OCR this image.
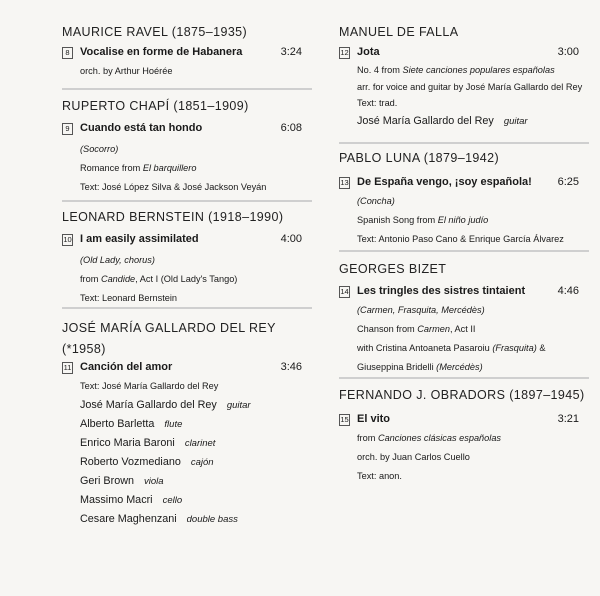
MAURICE RAVEL (1875–1935)
8 Vocalise en forme de Habanera	3:24
orch. by Arthur Hoérée
RUPERTO CHAPÍ (1851–1909)
9 Cuando está tan hondo	6:08
(Socorro)
Romance from El barquillero
Text: José López Silva & José Jackson Veyán
LEONARD BERNSTEIN (1918–1990)
10 I am easily assimilated	4:00
(Old Lady, chorus)
from Candide, Act I (Old Lady's Tango)
Text: Leonard Bernstein
JOSÉ MARÍA GALLARDO DEL REY
(*1958)
11 Canción del amor	3:46
Text: José María Gallardo del Rey
José María Gallardo del Rey guitar
Alberto Barletta flute
Enrico Maria Baroni clarinet
Roberto Vozmediano cajón
Geri Brown viola
Massimo Macri cello
Cesare Maghenzani double bass
MANUEL DE FALLA
12 Jota	3:00
No. 4 from Siete canciones populares españolas
arr. for voice and guitar by José María Gallardo del Rey
Text: trad.
José María Gallardo del Rey guitar
PABLO LUNA (1879–1942)
13 De España vengo, ¡soy española! 6:25
(Concha)
Spanish Song from El niño judío
Text: Antonio Paso Cano & Enrique García Álvarez
GEORGES BIZET
14 Les tringles des sistres tintaient	4:46
(Carmen, Frasquita, Mercédès)
Chanson from Carmen, Act II
with Cristina Antoaneta Pasaroiu (Frasquita) &
Giuseppina Bridelli (Mercédès)
FERNANDO J. OBRADORS (1897–1945)
15 El vito	3:21
from Canciones clásicas españolas
orch. by Juan Carlos Cuello
Text: anon.
